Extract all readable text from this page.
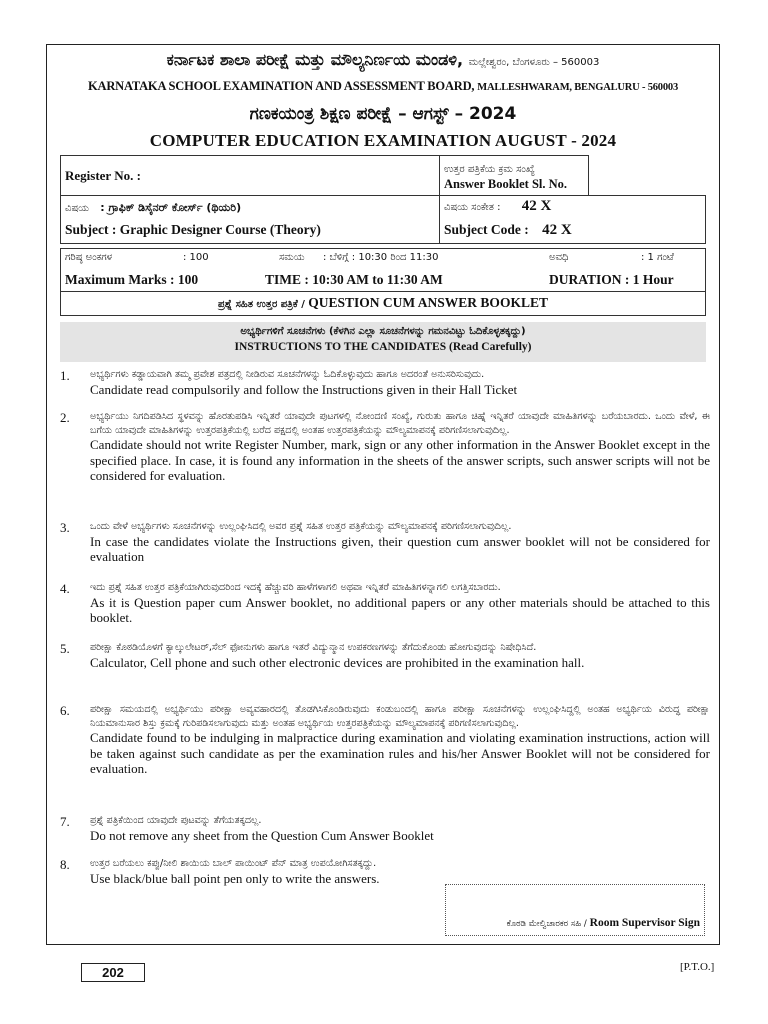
ಕರ್ನಾಟಕ ಶಾಲಾ ಪರೀಕ್ಷೆ ಮತ್ತು ಮೌಲ್ಯನಿರ್ಣಯ ಮಂಡಳಿ, ಮಲ್ಲೇಶ್ವರಂ, ಬೆಂಗಳೂರು – 560003
KARNATAKA SCHOOL EXAMINATION AND ASSESSMENT BOARD, MALLESHWARAM, BENGALURU - 560003
ಗಣಕಯಂತ್ರ ಶಿಕ್ಷಣ ಪರೀಕ್ಷೆ – ಆಗಸ್ಟ್ – 2024
COMPUTER EDUCATION EXAMINATION AUGUST - 2024
Register No. :	ಉತ್ತರ ಪತ್ರಿಕೆಯ ಕ್ರಮ ಸಂಖ್ಯೆ
Answer Booklet Sl. No.	

ವಿಷಯ : ಗ್ರಾಫಿಕ್ ಡಿಸೈನರ್ ಕೋರ್ಸ್ (ಥಿಯರಿ)	ವಿಷಯ ಸಂಕೇತ : 42 X	
Subject : Graphic Designer Course (Theory)	Subject Code : 42 X	
ಗರಿಷ್ಠ ಅಂಕಗಳ	: 100	ಸಮಯ : ಬೆಳಿಗ್ಗೆ : 10:30 ರಿಂದ 11:30	ಅವಧಿ	: 1 ಗಂಟೆ
Maximum Marks : 100	TIME : 10:30 AM to 11:30 AM	DURATION : 1 Hour
ಪ್ರಶ್ನೆ ಸಹಿತ ಉತ್ತರ ಪತ್ರಿಕೆ / QUESTION CUM ANSWER BOOKLET
ಅಭ್ಯರ್ಥಿಗಳಿಗೆ ಸೂಚನೆಗಳು (ಕೆಳಗಿನ ಎಲ್ಲಾ ಸೂಚನೆಗಳನ್ನು ಗಮನವಿಟ್ಟು ಓದಿಕೊಳ್ಳತಕ್ಕದ್ದು)
INSTRUCTIONS TO THE CANDIDATES (Read Carefully)
1. ಅಭ್ಯರ್ಥಿಗಳು ಕಡ್ಡಾಯವಾಗಿ ತಮ್ಮ ಪ್ರವೇಶ ಪತ್ರದಲ್ಲಿ ನೀಡಿರುವ ಸೂಚನೆಗಳನ್ನು ಓದಿಕೊಳ್ಳುವುದು ಹಾಗೂ ಅದರಂತೆ ಅನುಸರಿಸುವುದು.
Candidate read compulsorily and follow the Instructions given in their Hall Ticket
2. ಅಭ್ಯರ್ಥಿಯು ನಿಗದಿಪಡಿಸಿದ ಸ್ಥಳವನ್ನು ಹೊರತುಪಡಿಸಿ ಇನ್ನಿತರೆ ಯಾವುದೇ ಪುಟಗಳಲ್ಲಿ ನೋಂದಣಿ ಸಂಖ್ಯೆ, ಗುರುತು ಹಾಗೂ ಚಿಹ್ನೆ ಇನ್ನಿತರೆ ಯಾವುದೇ ಮಾಹಿತಿಗಳನ್ನು ಬರೆಯಬಾರದು. ಒಂದು ವೇಳೆ, ಈ ಬಗೆಯ ಯಾವುದೇ ಮಾಹಿತಿಗಳನ್ನು ಉತ್ತರಪತ್ರಿಕೆಯಲ್ಲಿ ಬರೆದ ಪಕ್ಷದಲ್ಲಿ ಅಂತಹ ಉತ್ತರಪತ್ರಿಕೆಯನ್ನು ಮೌಲ್ಯಮಾಪನಕ್ಕೆ ಪರಿಗಣಿಸಲಾಗುವುದಿಲ್ಲ.
Candidate should not write Register Number, mark, sign or any other information in the Answer Booklet except in the specified place. In case, it is found any information in the sheets of the answer scripts, such answer scripts will not be considered for evaluation.
3. ಒಂದು ವೇಳೆ ಅಭ್ಯರ್ಥಿಗಳು ಸೂಚನೆಗಳನ್ನು ಉಲ್ಲಂಘಿಸಿದಲ್ಲಿ ಅವರ ಪ್ರಶ್ನೆ ಸಹಿತ ಉತ್ತರ ಪತ್ರಿಕೆಯನ್ನು ಮೌಲ್ಯಮಾಪನಕ್ಕೆ ಪರಿಗಣಿಸಲಾಗುವುದಿಲ್ಲ.
In case the candidates violate the Instructions given, their question cum answer booklet will not be considered for evaluation
4. ಇದು ಪ್ರಶ್ನೆ ಸಹಿತ ಉತ್ತರ ಪತ್ರಿಕೆಯಾಗಿರುವುದರಿಂದ ಇದಕ್ಕೆ ಹೆಚ್ಚುವರಿ ಹಾಳೆಗಳಾಗಲಿ ಅಥವಾ ಇನ್ನಿತರೆ ಮಾಹಿತಿಗಳನ್ನಾಗಲಿ ಲಗತ್ತಿಸಬಾರದು.
As it is Question paper cum Answer booklet, no additional papers or any other materials should be attached to this booklet.
5. ಪರೀಕ್ಷಾ ಕೊಠಡಿಯೊಳಗೆ ಕ್ಯಾಲ್ಕುಲೇಟರ್,ಸೆಲ್ ಫೋನುಗಳು ಹಾಗೂ ಇತರೆ ವಿದ್ಯುನ್ಮಾನ ಉಪಕರಣಗಳನ್ನು ತೆಗೆದುಕೊಂಡು ಹೋಗುವುದನ್ನು ನಿಷೇಧಿಸಿದೆ.
Calculator, Cell phone and such other electronic devices are prohibited in the examination hall.
6. ಪರೀಕ್ಷಾ ಸಮಯದಲ್ಲಿ ಅಭ್ಯರ್ಥಿಯು ಪರೀಕ್ಷಾ ಅವ್ಯವಹಾರದಲ್ಲಿ ತೊಡಗಿಸಿಕೊಂಡಿರುವುದು ಕಂಡುಬಂದಲ್ಲಿ ಹಾಗೂ ಪರೀಕ್ಷಾ ಸೂಚನೆಗಳನ್ನು ಉಲ್ಲಂಘಿಸಿದ್ದಲ್ಲಿ ಅಂತಹ ಅಭ್ಯರ್ಥಿಯ ವಿರುದ್ಧ ಪರೀಕ್ಷಾ ನಿಯಮಾನುಸಾರ ಶಿಸ್ತು ಕ್ರಮಕ್ಕೆ ಗುರಿಪಡಿಸಲಾಗುವುದು ಮತ್ತು ಅಂತಹ ಅಭ್ಯರ್ಥಿಯ ಉತ್ತರಪತ್ರಿಕೆಯನ್ನು ಮೌಲ್ಯಮಾಪನಕ್ಕೆ ಪರಿಗಣಿಸಲಾಗುವುದಿಲ್ಲ.
Candidate found to be indulging in malpractice during examination and violating examination instructions, action will be taken against such candidate as per the examination rules and his/her Answer Booklet will not be considered for evaluation.
7. ಪ್ರಶ್ನೆ ಪತ್ರಿಕೆಯಿಂದ ಯಾವುದೇ ಪುಟವನ್ನು ತೆಗೆಯತಕ್ಕದಲ್ಲ.
Do not remove any sheet from the Question Cum Answer Booklet
8. ಉತ್ತರ ಬರೆಯಲು ಕಪ್ಪು/ನೀಲಿ ಶಾಯಿಯ ಬಾಲ್ ಪಾಯಿಂಟ್ ಪೆನ್ ಮಾತ್ರ ಉಪಯೋಗಿಸತಕ್ಕದ್ದು.
Use black/blue ball point pen only to write the answers.
ಕೊಠಡಿ ಮೇಲ್ವಿಚಾರಕರ ಸಹಿ / Room Supervisor Sign
202	[P.T.O.]
